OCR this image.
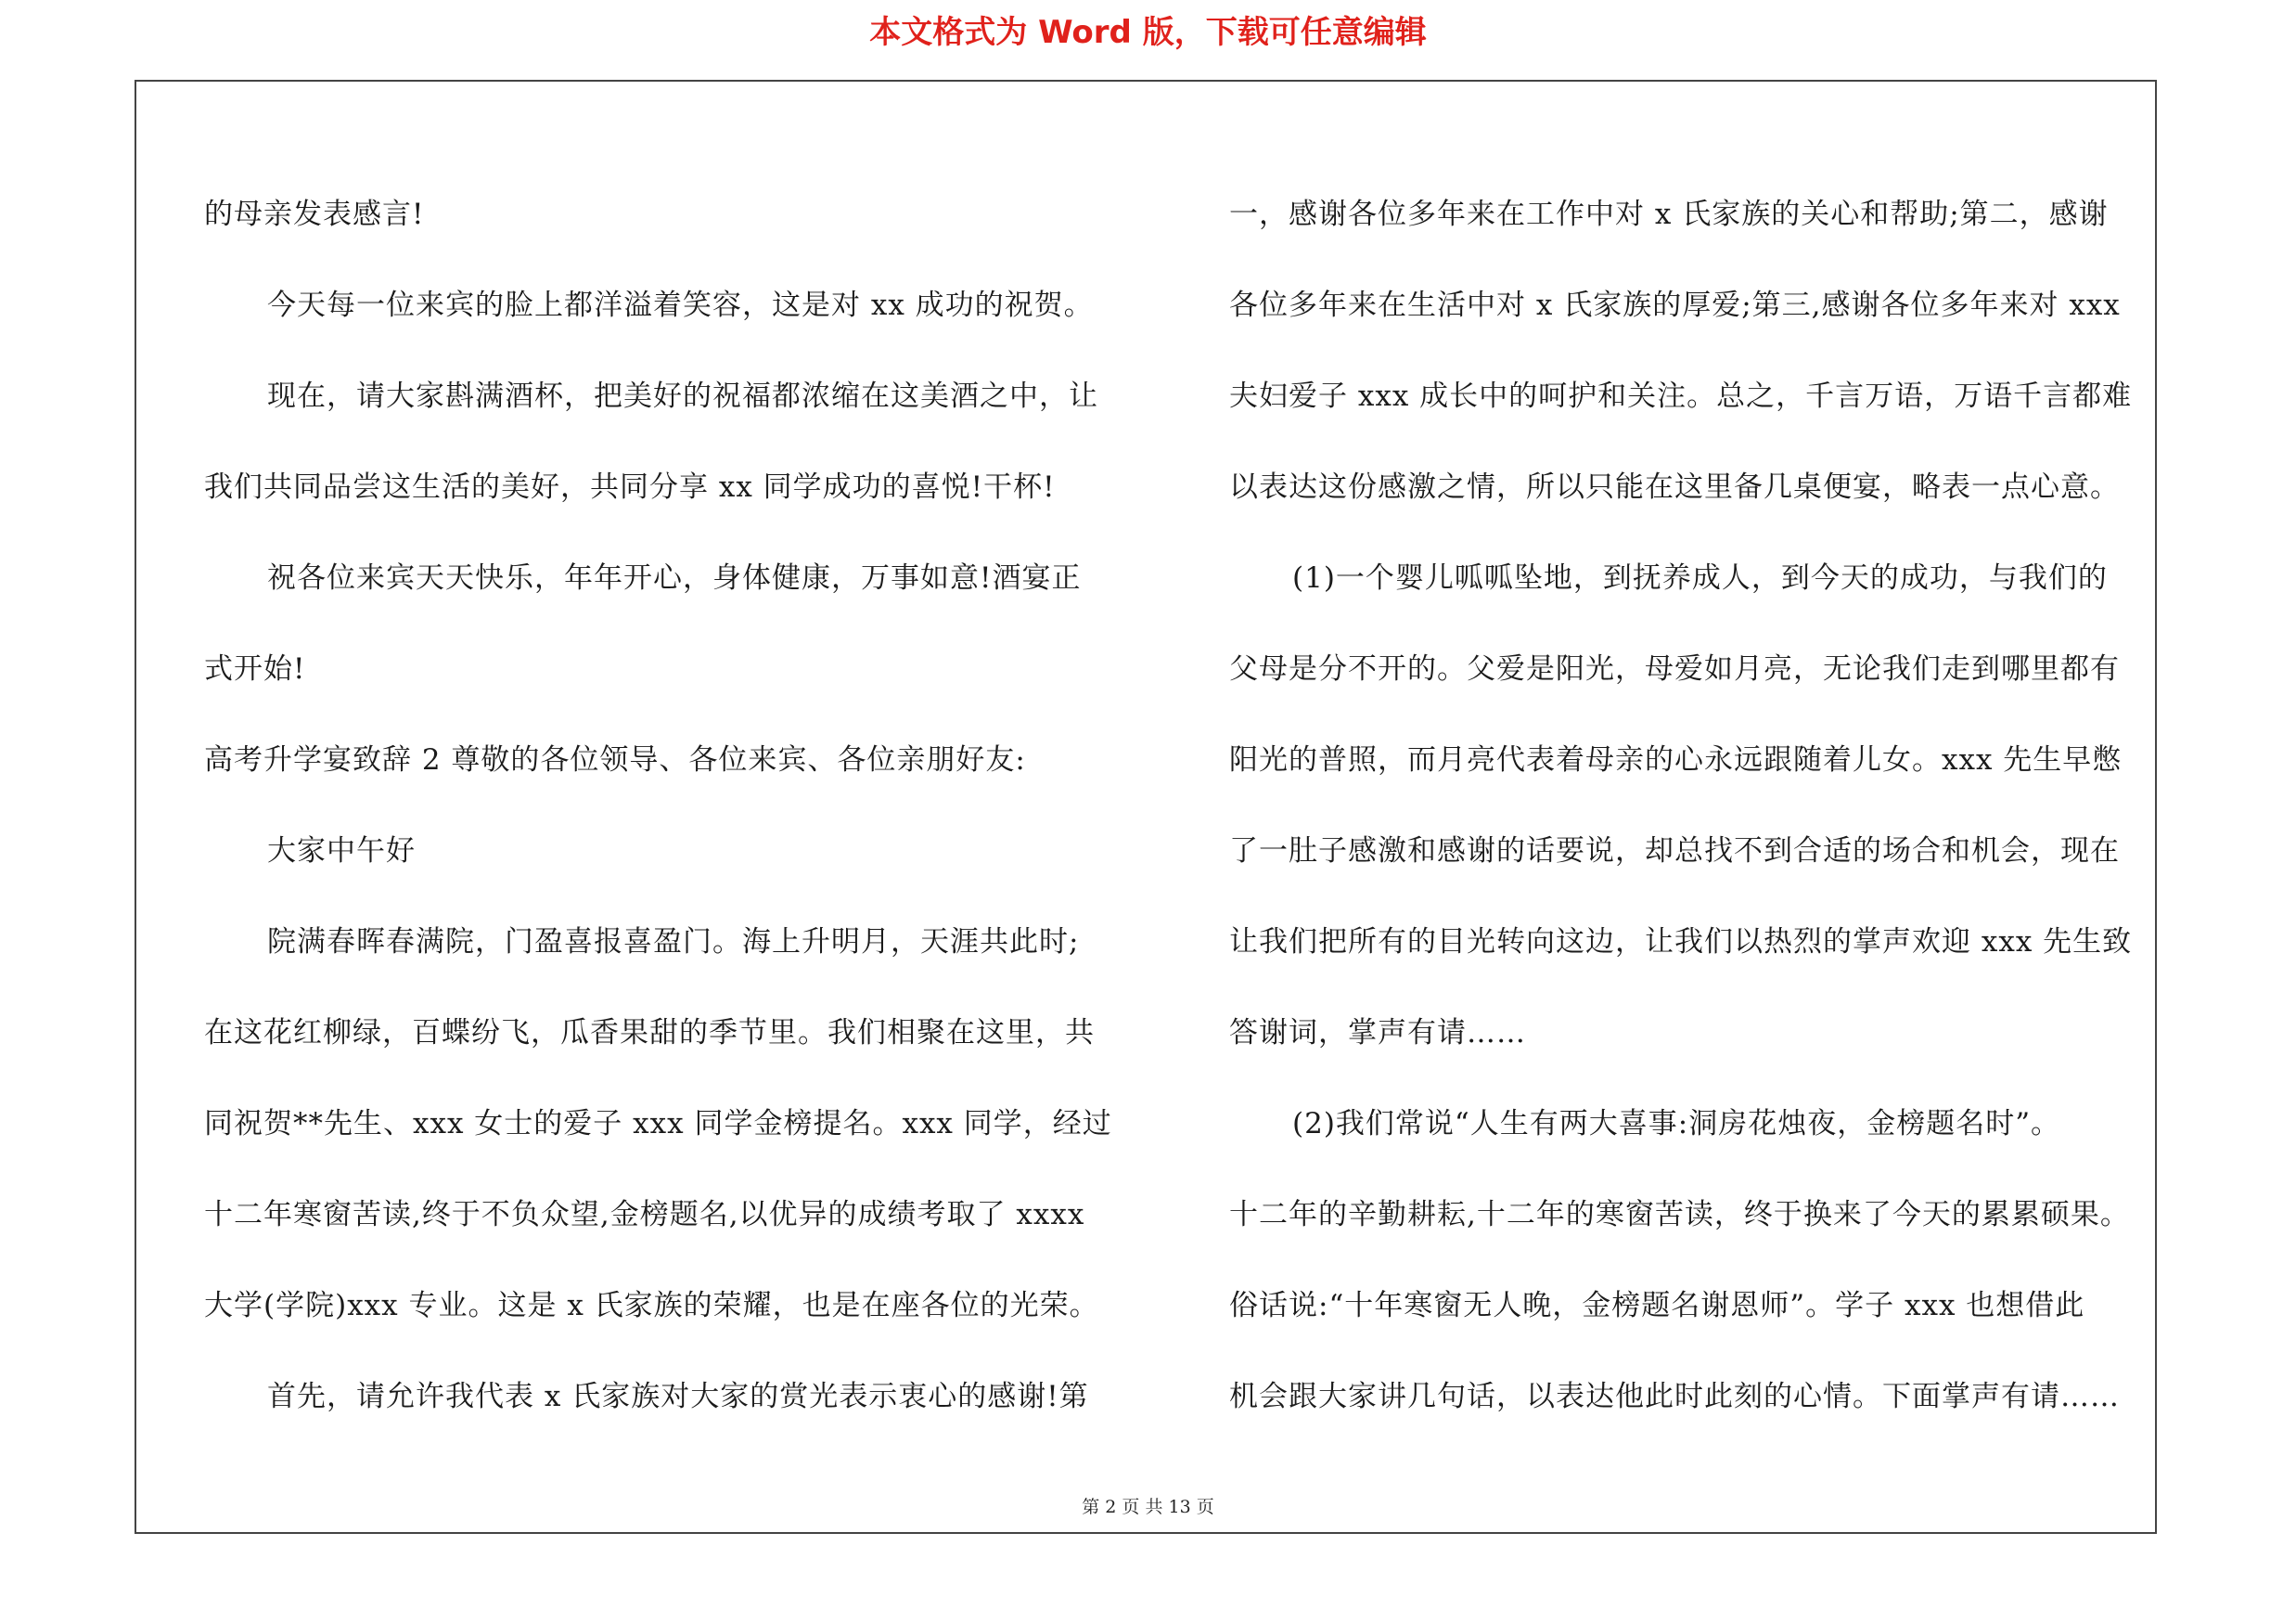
本文格式为 Word 版，下载可任意编辑
的母亲发表感言!
今天每一位来宾的脸上都洋溢着笑容，这是对 xx 成功的祝贺。
现在，请大家斟满酒杯，把美好的祝福都浓缩在这美酒之中，让
我们共同品尝这生活的美好，共同分享 xx 同学成功的喜悦!干杯!
祝各位来宾天天快乐，年年开心，身体健康，万事如意!酒宴正
式开始!
高考升学宴致辞 2 尊敬的各位领导、各位来宾、各位亲朋好友:
大家中午好
院满春晖春满院，门盈喜报喜盈门。海上升明月，天涯共此时;
在这花红柳绿，百蝶纷飞，瓜香果甜的季节里。我们相聚在这里，共
同祝贺**先生、xxx 女士的爱子 xxx 同学金榜提名。xxx 同学，经过
十二年寒窗苦读,终于不负众望,金榜题名,以优异的成绩考取了 xxxx
大学(学院)xxx 专业。这是 x 氏家族的荣耀，也是在座各位的光荣。
首先，请允许我代表 x 氏家族对大家的赏光表示衷心的感谢!第
一，感谢各位多年来在工作中对 x 氏家族的关心和帮助;第二，感谢
各位多年来在生活中对 x 氏家族的厚爱;第三,感谢各位多年来对 xxx
夫妇爱子 xxx 成长中的呵护和关注。总之，千言万语，万语千言都难
以表达这份感激之情，所以只能在这里备几桌便宴，略表一点心意。
(1)一个婴儿呱呱坠地，到抚养成人，到今天的成功，与我们的
父母是分不开的。父爱是阳光，母爱如月亮，无论我们走到哪里都有
阳光的普照，而月亮代表着母亲的心永远跟随着儿女。xxx 先生早憋
了一肚子感激和感谢的话要说，却总找不到合适的场合和机会，现在
让我们把所有的目光转向这边，让我们以热烈的掌声欢迎 xxx 先生致
答谢词，掌声有请……
(2)我们常说“人生有两大喜事:洞房花烛夜，金榜题名时”。
十二年的辛勤耕耘,十二年的寒窗苦读，终于换来了今天的累累硕果。
俗话说:“十年寒窗无人晚，金榜题名谢恩师”。学子 xxx 也想借此
机会跟大家讲几句话，以表达他此时此刻的心情。下面掌声有请……
第 2 页 共 13 页
